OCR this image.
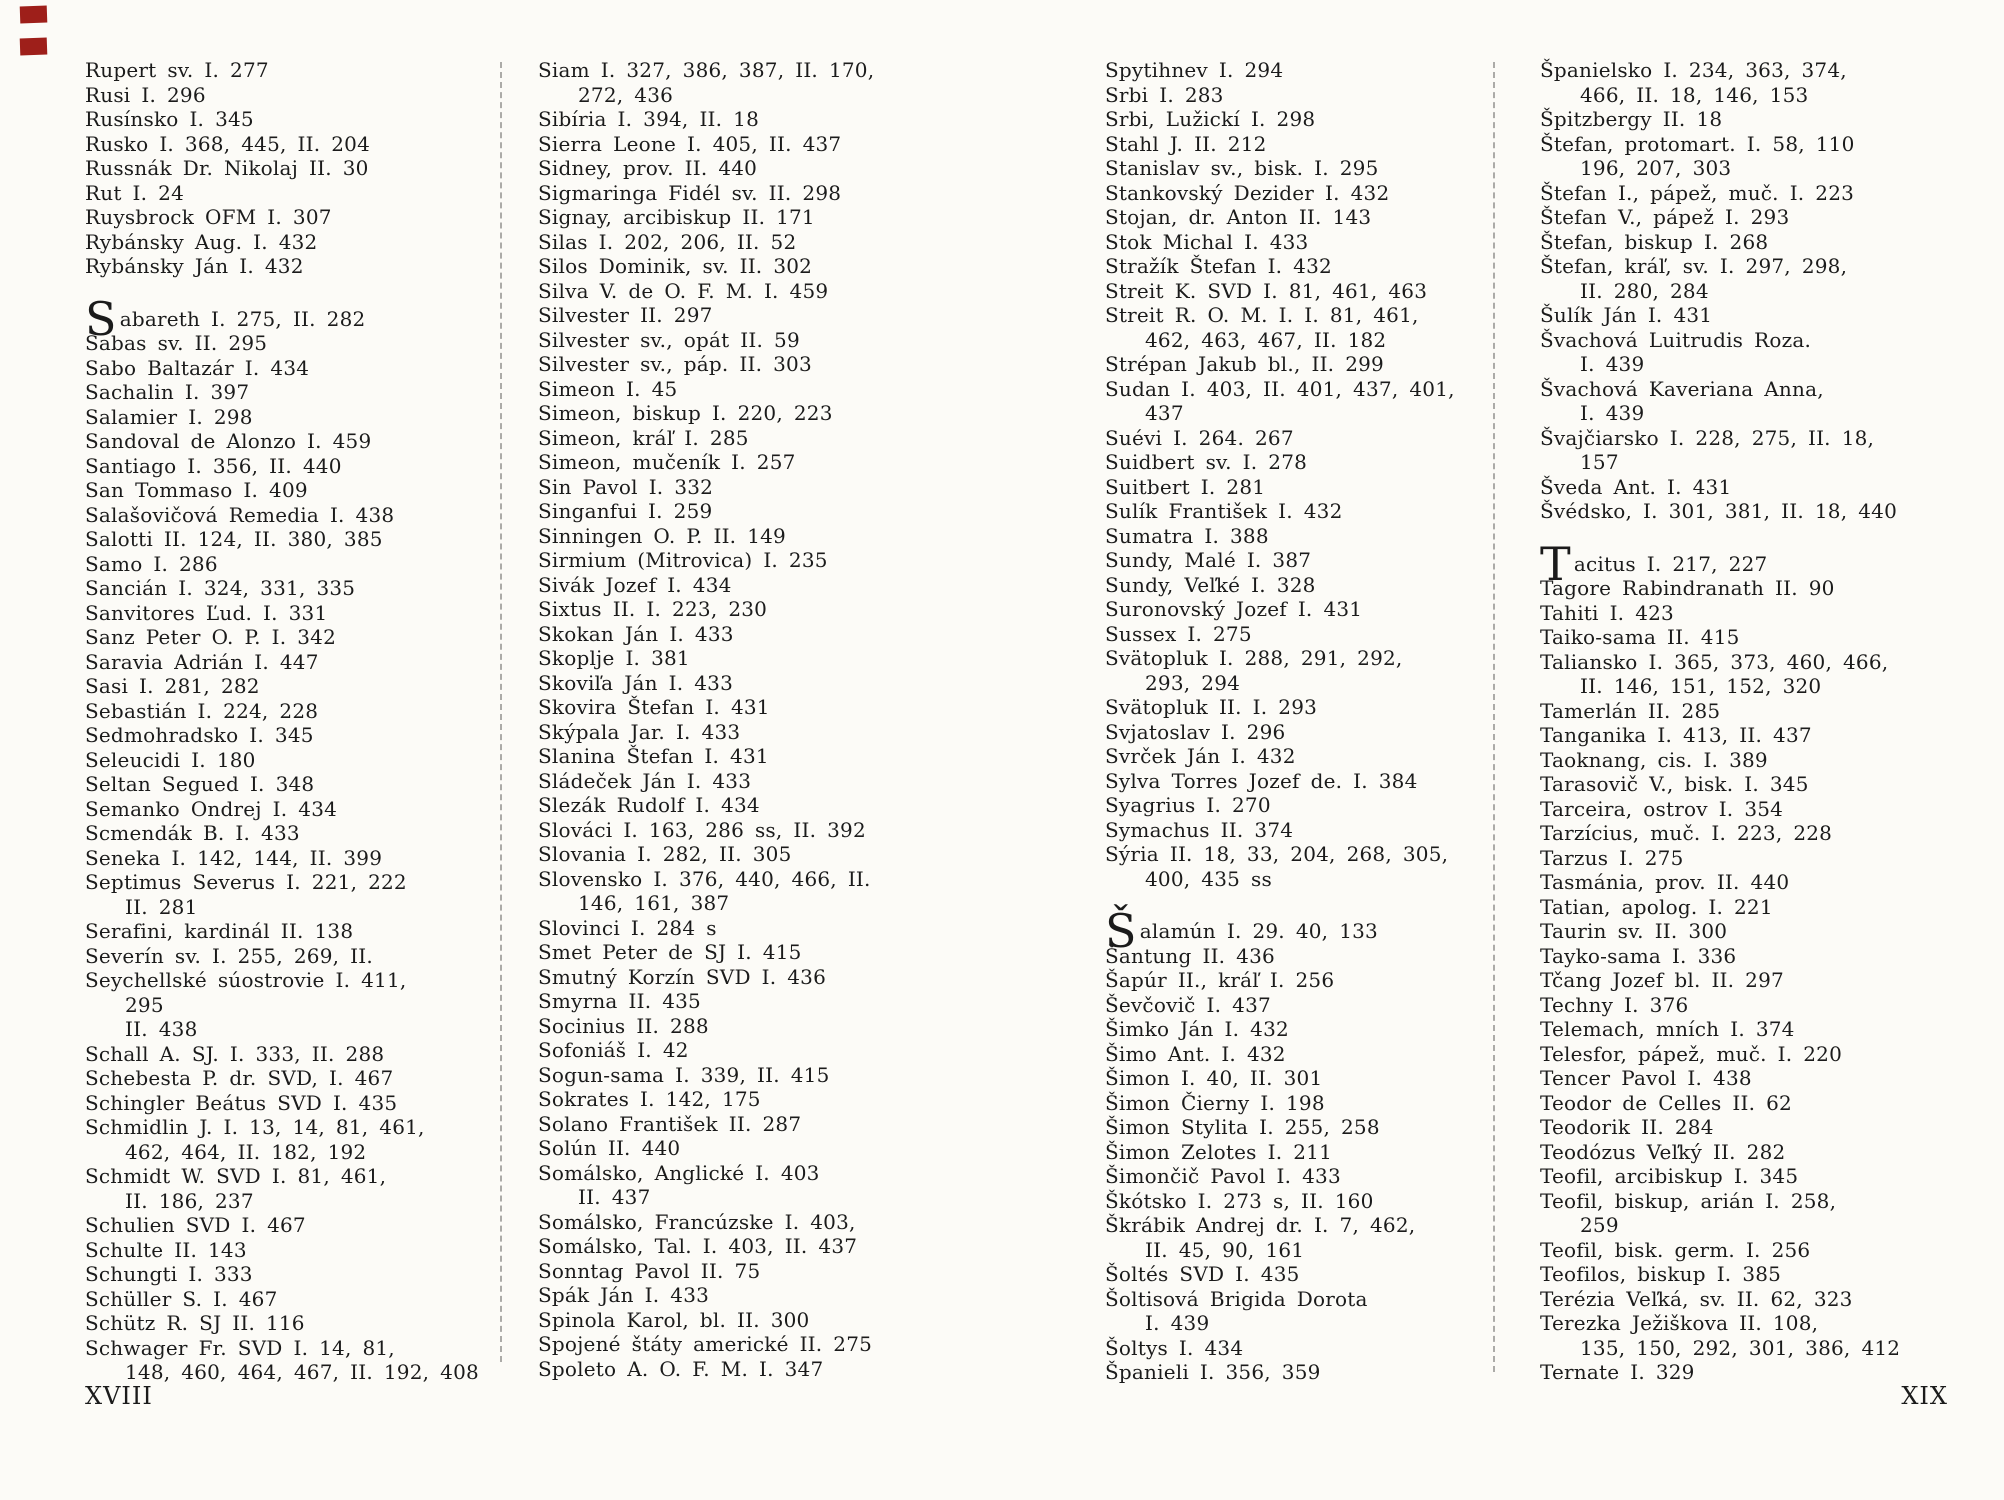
Rupert sv. I. 277
Rusi I. 296
Rusínsko I. 345
Rusko I. 368, 445, II. 204
Russnák Dr. Nikolaj II. 30
Rut I. 24
Ruysbrock OFM I. 307
Rybánsky Aug. I. 432
Rybánsky Ján I. 432
Sabareth I. 275, II. 282
Sabas sv. II. 295
Sabo Baltazár I. 434
Sachalin I. 397
Salamier I. 298
Sandoval de Alonzo I. 459
Santiago I. 356, II. 440
San Tommaso I. 409
Salašovičová Remedia I. 438
Salotti II. 124, II. 380, 385
Samo I. 286
Sancián I. 324, 331, 335
Sanvitores Ľud. I. 331
Sanz Peter O. P. I. 342
Saravia Adrián I. 447
Sasi I. 281, 282
Sebastián I. 224, 228
Sedmohradsko I. 345
Seleucidi I. 180
Seltan Segued I. 348
Semanko Ondrej I. 434
Scmendák B. I. 433
Seneka I. 142, 144, II. 399
Septimus Severus I. 221, 222
II. 281
Serafini, kardinál II. 138
Severín sv. I. 255, 269, II.
Seychellské súostrovie I. 411,
295
II. 438
Schall A. SJ. I. 333, II. 288
Schebesta P. dr. SVD, I. 467
Schingler Beátus SVD I. 435
Schmidlin J. I. 13, 14, 81, 461,
462, 464, II. 182, 192
Schmidt W. SVD I. 81, 461,
II. 186, 237
Schulien SVD I. 467
Schulte II. 143
Schungti I. 333
Schüller S. I. 467
Schütz R. SJ II. 116
Schwager Fr. SVD I. 14, 81,
148, 460, 464, 467, II. 192, 408
Siam I. 327, 386, 387, II. 170,
272, 436
Sibíria I. 394, II. 18
Sierra Leone I. 405, II. 437
Sidney, prov. II. 440
Sigmaringa Fidél sv. II. 298
Signay, arcibiskup II. 171
Silas I. 202, 206, II. 52
Silos Dominik, sv. II. 302
Silva V. de O. F. M. I. 459
Silvester II. 297
Silvester sv., opát II. 59
Silvester sv., páp. II. 303
Simeon I. 45
Simeon, biskup I. 220, 223
Simeon, kráľ I. 285
Simeon, mučeník I. 257
Sin Pavol I. 332
Singanfui I. 259
Sinningen O. P. II. 149
Sirmium (Mitrovica) I. 235
Sivák Jozef I. 434
Sixtus II. I. 223, 230
Skokan Ján I. 433
Skoplje I. 381
Skoviľa Ján I. 433
Skovira Štefan I. 431
Skýpala Jar. I. 433
Slanina Štefan I. 431
Sládeček Ján I. 433
Slezák Rudolf I. 434
Slováci I. 163, 286 ss, II. 392
Slovania I. 282, II. 305
Slovensko I. 376, 440, 466, II.
146, 161, 387
Slovinci I. 284 s
Smet Peter de SJ I. 415
Smutný Korzín SVD I. 436
Smyrna II. 435
Socinius II. 288
Sofoniáš I. 42
Sogun-sama I. 339, II. 415
Sokrates I. 142, 175
Solano František II. 287
Solún II. 440
Somálsko, Anglické I. 403
II. 437
Somálsko, Francúzske I. 403,
Somálsko, Tal. I. 403, II. 437
Sonntag Pavol II. 75
Spák Ján I. 433
Spinola Karol, bl. II. 300
Spojené štáty americké II. 275
Spoleto A. O. F. M. I. 347
Spytihnev I. 294
Srbi I. 283
Srbi, Lužickí I. 298
Stahl J. II. 212
Stanislav sv., bisk. I. 295
Stankovský Dezider I. 432
Stojan, dr. Anton II. 143
Stok Michal I. 433
Stražík Štefan I. 432
Streit K. SVD I. 81, 461, 463
Streit R. O. M. I. I. 81, 461,
462, 463, 467, II. 182
Strépan Jakub bl., II. 299
Sudan I. 403, II. 401, 437, 401,
437
Suévi I. 264. 267
Suidbert sv. I. 278
Suitbert I. 281
Sulík František I. 432
Sumatra I. 388
Sundy, Malé I. 387
Sundy, Veľké I. 328
Suronovský Jozef I. 431
Sussex I. 275
Svätopluk I. 288, 291, 292,
293, 294
Svätopluk II. I. 293
Svjatoslav I. 296
Svrček Ján I. 432
Sylva Torres Jozef de. I. 384
Syagrius I. 270
Symachus II. 374
Sýria II. 18, 33, 204, 268, 305,
400, 435 ss
Šalamún I. 29. 40, 133
Šantung II. 436
Šapúr II., kráľ I. 256
Ševčovič I. 437
Šimko Ján I. 432
Šimo Ant. I. 432
Šimon I. 40, II. 301
Šimon Čierny I. 198
Šimon Stylita I. 255, 258
Šimon Zelotes I. 211
Šimončič Pavol I. 433
Škótsko I. 273 s, II. 160
Škrábik Andrej dr. I. 7, 462,
II. 45, 90, 161
Šoltés SVD I. 435
Šoltisová Brigida Dorota
I. 439
Šoltys I. 434
Španieli I. 356, 359
Španielsko I. 234, 363, 374,
466, II. 18, 146, 153
Špitzbergy II. 18
Štefan, protomart. I. 58, 110
196, 207, 303
Štefan I., pápež, muč. I. 223
Štefan V., pápež I. 293
Štefan, biskup I. 268
Štefan, kráľ, sv. I. 297, 298,
II. 280, 284
Šulík Ján I. 431
Švachová Luitrudis Roza.
I. 439
Švachová Kaveriana Anna,
I. 439
Švajčiarsko I. 228, 275, II. 18,
157
Šveda Ant. I. 431
Švédsko, I. 301, 381, II. 18, 440
Tacitus I. 217, 227
Tagore Rabindranath II. 90
Tahiti I. 423
Taiko-sama II. 415
Taliansko I. 365, 373, 460, 466,
II. 146, 151, 152, 320
Tamerlán II. 285
Tanganika I. 413, II. 437
Taoknang, cis. I. 389
Tarasovič V., bisk. I. 345
Tarceira, ostrov I. 354
Tarzícius, muč. I. 223, 228
Tarzus I. 275
Tasmánia, prov. II. 440
Tatian, apolog. I. 221
Taurin sv. II. 300
Tayko-sama I. 336
Tčang Jozef bl. II. 297
Techny I. 376
Telemach, mních I. 374
Telesfor, pápež, muč. I. 220
Tencer Pavol I. 438
Teodor de Celles II. 62
Teodorik II. 284
Teodózus Veľký II. 282
Teofil, arcibiskup I. 345
Teofil, biskup, arián I. 258,
259
Teofil, bisk. germ. I. 256
Teofilos, biskup I. 385
Terézia Veľká, sv. II. 62, 323
Terezka Ježiškova II. 108,
135, 150, 292, 301, 386, 412
Ternate I. 329
XVIII	XIX
